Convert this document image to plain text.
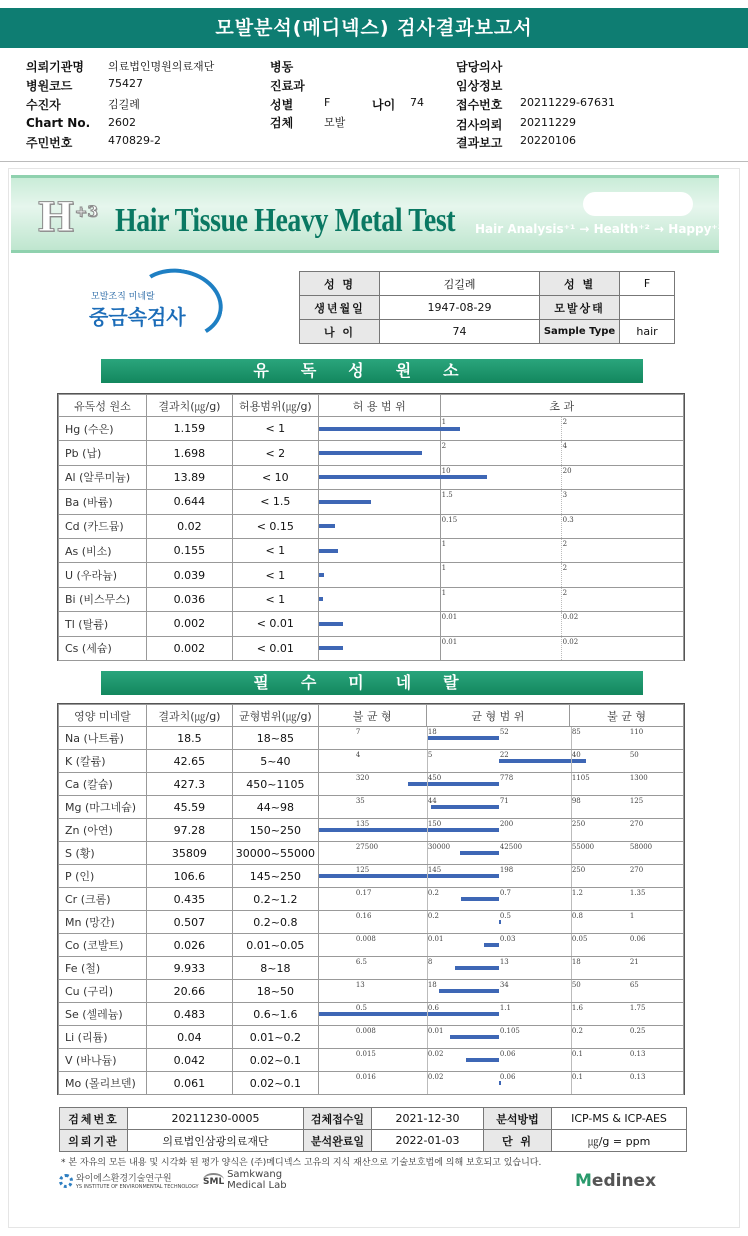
모발분석(메디넥스) 검사결과보고서
의뢰기관명 의료법인명원의료재단	병동	담당의사
병원코드	75427	진료과	임상정보
수진자	김길례	성별	F	나이 74	접수번호 20211229-67631
Chart No. 2602	검체	모발	검사의뢰 20211229
주민번호	470829-2	결과보고 20220106
$H^{+3}$ Hair Tissue Heavy Metal Test Hair Analysis⁺¹ → Health⁺² → Happy⁺³
모발조직 미네랄
중금속검사
성 명	김길례	성 별	F
생년월일	1947-08-29	모발상태	
나 이	74	Sample Type	hair
유독성원소
유독성 원소	결과치(㎍/g)	허용범위(㎍/g)	허 용 범 위	초 과
Hg (수은)	1.159	< 1		1 2

Pb (납)	1.698	< 2		2 4

Al (알루미늄)	13.89	< 10		10 20

Ba (바륨)	0.644	< 1.5		1.5 3

Cd (카드뮴)	0.02	< 0.15		0.15 0.3

As (비소)	0.155	< 1		1 2

U (우라늄)	0.039	< 1		1 2

Bi (비스무스)	0.036	< 1		1 2

Tl (탈륨)	0.002	< 0.01		0.01 0.02

Cs (세슘)	0.002	< 0.01		0.01 0.02
필수미네랄
영양 미네랄	결과치(㎍/g)	균형범위(㎍/g)	불 균 형	균 형 범 위	불 균 형
Na (나트륨)	18.5	18~85	7 18 52 85 110		

K (칼륨)	42.65	5~40	4 5 22 40 50		

Ca (칼슘)	427.3	450~1105	320 450 778 1105 1300		

Mg (마그네슘)	45.59	44~98	35 44 71 98 125		

Zn (아연)	97.28	150~250	135 150 200 250 270		

S (황)	35809	30000~55000	27500 30000 42500 55000 58000		

P (인)	106.6	145~250	125 145 198 250 270		

Cr (크롬)	0.435	0.2~1.2	0.17 0.2 0.7 1.2 1.35		

Mn (망간)	0.507	0.2~0.8	0.16 0.2 0.5 0.8 1		

Co (코발트)	0.026	0.01~0.05	0.008 0.01 0.03 0.05 0.06		

Fe (철)	9.933	8~18	6.5 8 13 18 21		

Cu (구리)	20.66	18~50	13 18 34 50 65		

Se (셀레늄)	0.483	0.6~1.6	0.5 0.6 1.1 1.6 1.75		

Li (리튬)	0.04	0.01~0.2	0.008 0.01 0.105 0.2 0.25		

V (바나듐)	0.042	0.02~0.1	0.015 0.02 0.06 0.1 0.13		

Mo (몰리브덴)	0.061	0.02~0.1	0.016 0.02 0.06 0.1 0.13		
검체번호	20211230-0005	검체접수일	2021-12-30	분석방법	ICP-MS & ICP-AES
의뢰기관	의료법인삼광의료재단	분석완료일	2022-01-03	단 위	㎍/g = ppm
* 본 자유의 모든 내용 및 시각화 된 평가 양식은 (주)메디넥스 고유의 지식 재산으로 기술보호법에 의해 보호되고 있습니다.

와이에스환경기술연구원
YS INSTITUTE OF ENVIRONMENTAL TECHNOLOGY SML
Samkwang
Medical Lab	Medinex
